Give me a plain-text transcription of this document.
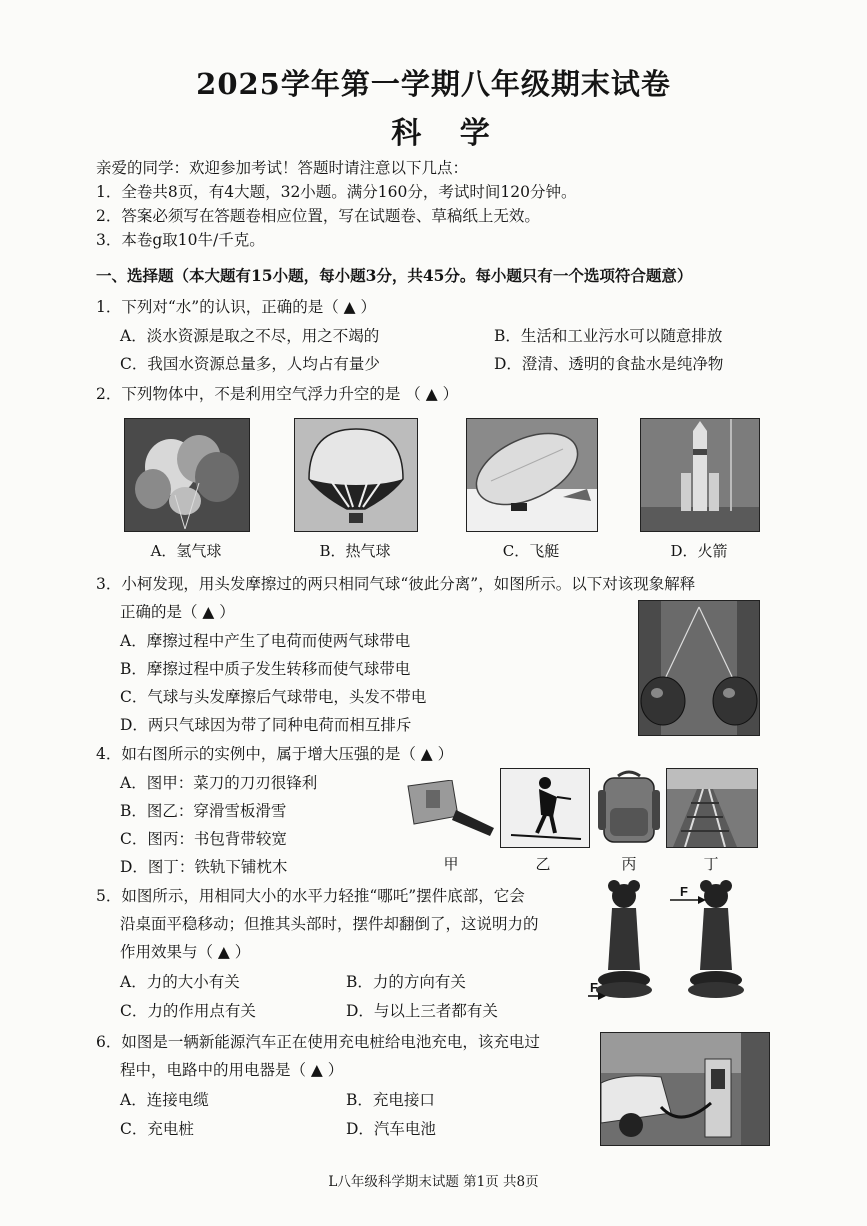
2025学年第一学期八年级期末试卷
科 学
亲爱的同学：欢迎参加考试！答题时请注意以下几点：
1．全卷共8页，有4大题，32小题。满分160分，考试时间120分钟。
2．答案必须写在答题卷相应位置，写在试题卷、草稿纸上无效。
3．本卷g取10牛/千克。
一、选择题（本大题有15小题，每小题3分，共45分。每小题只有一个选项符合题意）
1．下列对“水”的认识，正确的是（ ▲ ）
A．淡水资源是取之不尽，用之不竭的	B．生活和工业污水可以随意排放
C．我国水资源总量多，人均占有量少	D．澄清、透明的食盐水是纯净物
2．下列物体中，不是利用空气浮力升空的是 （ ▲ ）
A．氢气球	B．热气球	C．飞艇	D．火箭
3．小柯发现，用头发摩擦过的两只相同气球“彼此分离”，如图所示。以下对该现象解释
正确的是（ ▲ ）
A．摩擦过程中产生了电荷而使两气球带电
B．摩擦过程中质子发生转移而使气球带电
C．气球与头发摩擦后气球带电，头发不带电
D．两只气球因为带了同种电荷而相互排斥
4．如右图所示的实例中，属于增大压强的是（ ▲ ）
A．图甲：菜刀的刀刃很锋利
B．图乙：穿滑雪板滑雪
C．图丙：书包背带较宽
D．图丁：铁轨下铺枕木	甲	乙	丙	丁
5．如图所示，用相同大小的水平力轻推“哪吒”摆件底部，它会
沿桌面平稳移动；但推其头部时，摆件却翻倒了，这说明力的
作用效果与（ ▲ ）
A．力的大小有关	B．力的方向有关
C．力的作用点有关	D．与以上三者都有关
F
F
6．如图是一辆新能源汽车正在使用充电桩给电池充电，该充电过
程中，电路中的用电器是（ ▲ ）
A．连接电缆	B．充电接口
C．充电桩	D．汽车电池
L八年级科学期末试题 第1页 共8页
